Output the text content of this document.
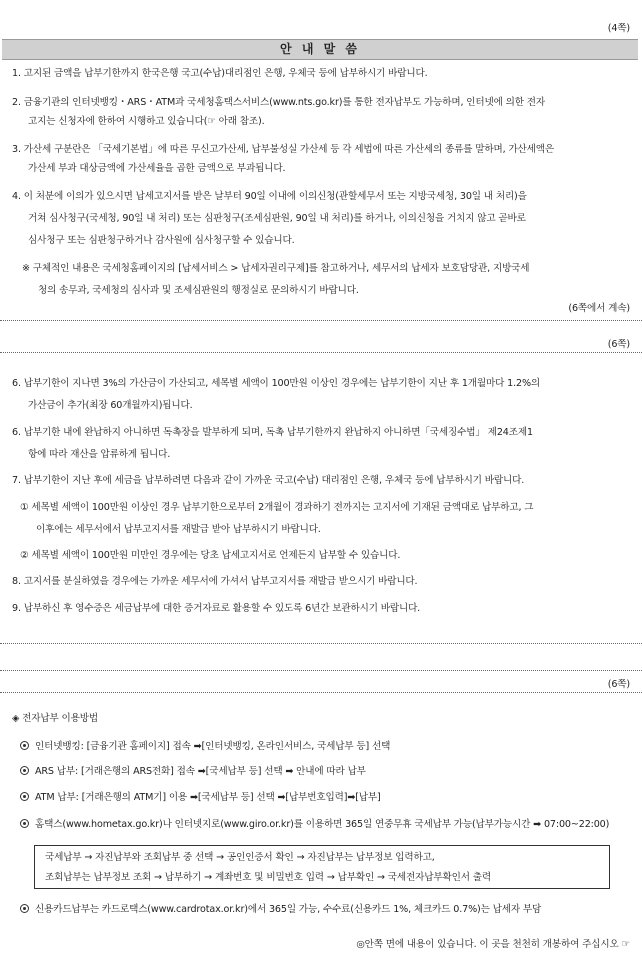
(4쪽)
안 내 말 씀
1. 고지된 금액을 납부기한까지 한국은행 국고(수납)대리점인 은행, 우체국 등에 납부하시기 바랍니다.
2. 금융기관의 인터넷뱅킹・ARS・ATM과 국세청홈택스서비스(www.nts.go.kr)를 통한 전자납부도 가능하며, 인터넷에 의한 전자
고지는 신청자에 한하여 시행하고 있습니다(☞ 아래 참조).
3. 가산세 구분란은 「국세기본법」에 따른 무신고가산세, 납부불성실 가산세 등 각 세법에 따른 가산세의 종류를 말하며, 가산세액은
가산세 부과 대상금액에 가산세율을 곱한 금액으로 부과됩니다.
4. 이 처분에 이의가 있으시면 납세고지서를 받은 날부터 90일 이내에 이의신청(관할세무서 또는 지방국세청, 30일 내 처리)을
거쳐 심사청구(국세청, 90일 내 처리) 또는 심판청구(조세심판원, 90일 내 처리)를 하거나, 이의신청을 거치지 않고 곧바로
심사청구 또는 심판청구하거나 감사원에 심사청구할 수 있습니다.
※ 구체적인 내용은 국세청홈페이지의 [납세서비스 > 납세자권리구제]를 참고하거나, 세무서의 납세자 보호담당관, 지방국세
청의 송무과, 국세청의 심사과 및 조세심판원의 행정실로 문의하시기 바랍니다.
(6쪽에서 계속)
(6쪽)
6. 납부기한이 지나면 3%의 가산금이 가산되고, 세목별 세액이 100만원 이상인 경우에는 납부기한이 지난 후 1개월마다 1.2%의
가산금이 추가(최장 60개월까지)됩니다.
6. 납부기한 내에 완납하지 아니하면 독촉장을 발부하게 되며, 독촉 납부기한까지 완납하지 아니하면「국세징수법」 제24조제1
항에 따라 재산을 압류하게 됩니다.
7. 납부기한이 지난 후에 세금을 납부하려면 다음과 같이 가까운 국고(수납) 대리점인 은행, 우체국 등에 납부하시기 바랍니다.
① 세목별 세액이 100만원 이상인 경우 납부기한으로부터 2개월이 경과하기 전까지는 고지서에 기재된 금액대로 납부하고, 그
이후에는 세무서에서 납부고지서를 재발급 받아 납부하시기 바랍니다.
② 세목별 세액이 100만원 미만인 경우에는 당초 납세고지서로 언제든지 납부할 수 있습니다.
8. 고지서를 분실하였을 경우에는 가까운 세무서에 가셔서 납부고지서를 재발급 받으시기 바랍니다.
9. 납부하신 후 영수증은 세금납부에 대한 증거자료로 활용할 수 있도록 6년간 보관하시기 바랍니다.
(6쪽)
◈ 전자납부 이용방법
인터넷뱅킹: [금융기관 홈페이지] 접속 ➡[인터넷뱅킹, 온라인서비스, 국세납부 등] 선택
ARS 납부: [거래은행의 ARS전화] 접속 ➡[국세납부 등] 선택 ➡ 안내에 따라 납부
ATM 납부: [거래은행의 ATM기] 이용 ➡[국세납부 등] 선택 ➡[납부번호입력]➡[납부]
홈택스(www.hometax.go.kr)나 인터넷지로(www.giro.or.kr)를 이용하면 365일 연중무휴 국세납부 가능(납부가능시간 ➡ 07:00~22:00)
국세납부 → 자진납부와 조회납부 중 선택 → 공인인증서 확인 → 자진납부는 납부정보 입력하고,
조회납부는 납부정보 조회 → 납부하기 → 계좌번호 및 비밀번호 입력 → 납부확인 → 국세전자납부확인서 출력
신용카드납부는 카드로택스(www.cardrotax.or.kr)에서 365일 가능, 수수료(신용카드 1%, 체크카드 0.7%)는 납세자 부담
◎안쪽 면에 내용이 있습니다. 이 곳을 천천히 개봉하여 주십시오 ☞
